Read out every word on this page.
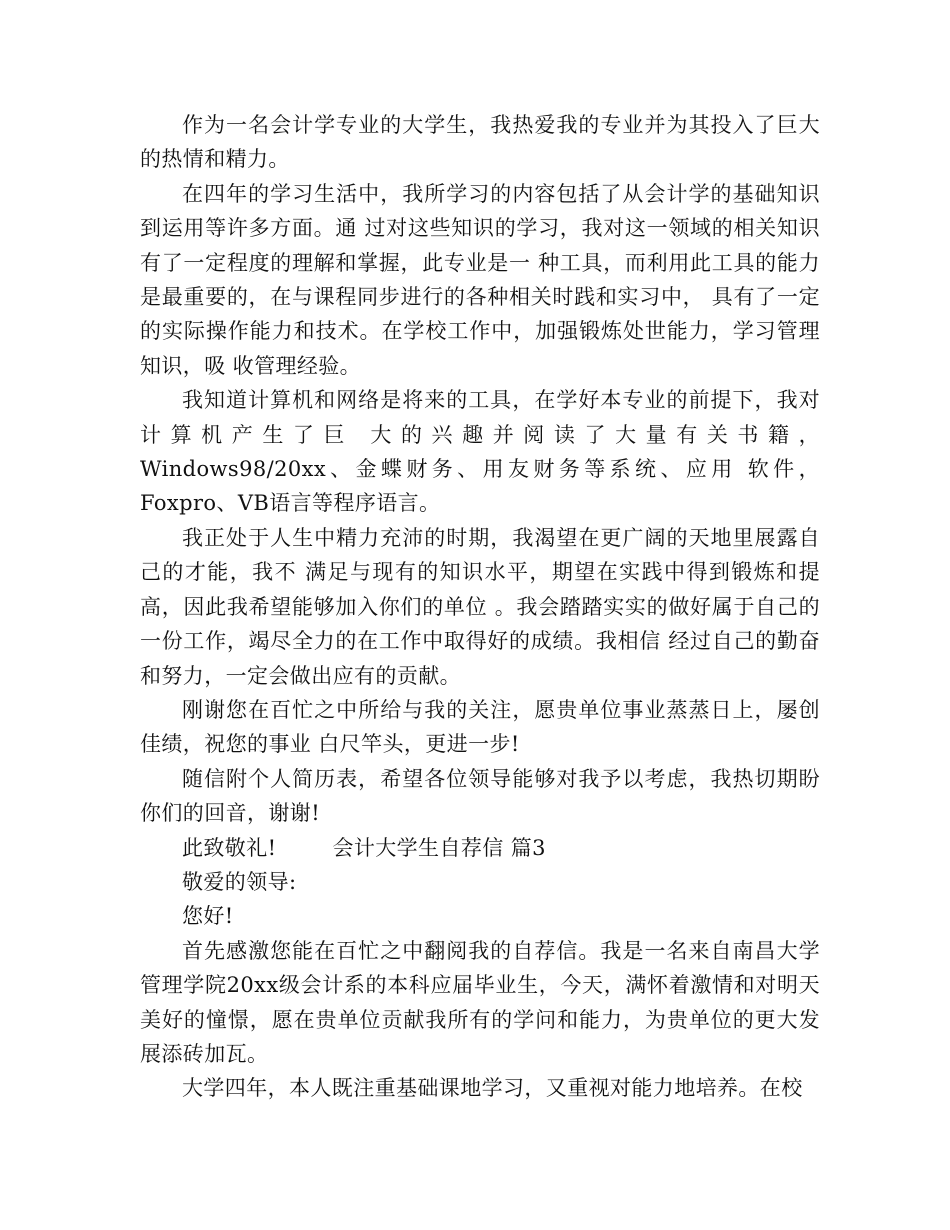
作为一名会计学专业的大学生，我热爱我的专业并为其投入了巨大的热情和精力。

在四年的学习生活中，我所学习的内容包括了从会计学的基础知识到运用等许多方面。通 过对这些知识的学习，我对这一领域的相关知识有了一定程度的理解和掌握，此专业是一 种工具，而利用此工具的能力是最重要的，在与课程同步进行的各种相关时践和实习中， 具有了一定的实际操作能力和技术。在学校工作中，加强锻炼处世能力，学习管理知识，吸 收管理经验。

我知道计算机和网络是将来的工具，在学好本专业的前提下，我对计算机产生了巨 大的兴趣并阅读了大量有关书籍，Windows98/20xx、金蝶财务、用友财务等系统、应用 软件，Foxpro、VB语言等程序语言。

我正处于人生中精力充沛的时期，我渴望在更广阔的天地里展露自己的才能，我不 满足与现有的知识水平，期望在实践中得到锻炼和提高，因此我希望能够加入你们的单位 。我会踏踏实实的做好属于自己的一份工作，竭尽全力的在工作中取得好的成绩。我相信 经过自己的勤奋和努力，一定会做出应有的贡献。

刚谢您在百忙之中所给与我的关注，愿贵单位事业蒸蒸日上，屡创佳绩，祝您的事业 白尺竿头，更进一步!

随信附个人简历表，希望各位领导能够对我予以考虑，我热切期盼你们的回音，谢谢!

此致敬礼!	会计大学生自荐信 篇3

敬爱的领导:

您好!

首先感激您能在百忙之中翻阅我的自荐信。我是一名来自南昌大学管理学院20xx级会计系的本科应届毕业生，今天，满怀着激情和对明天美好的憧憬，愿在贵单位贡献我所有的学问和能力，为贵单位的更大发展添砖加瓦。

大学四年，本人既注重基础课地学习，又重视对能力地培养。在校
